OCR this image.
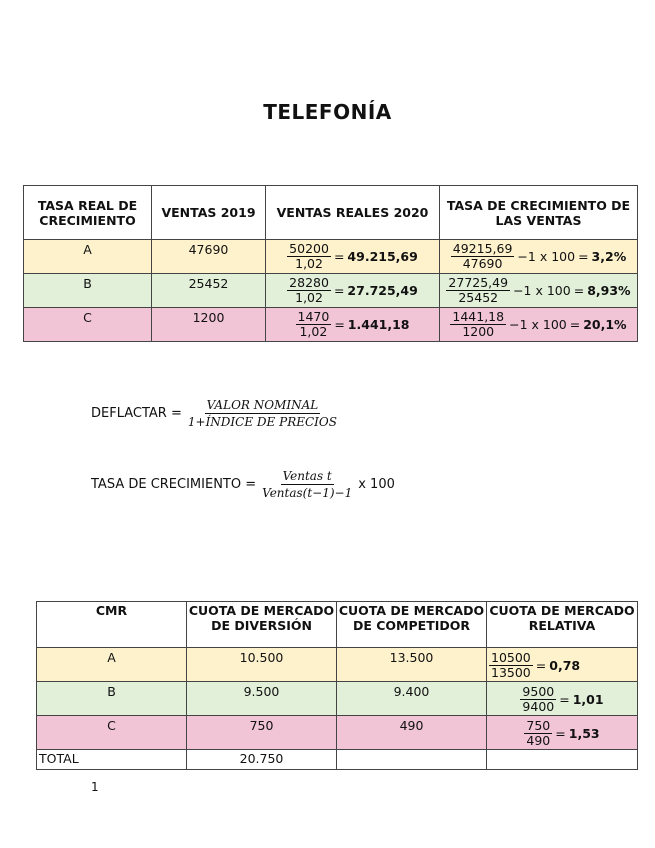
TELEFONÍA
TASA REAL DE CRECIMIENTO	VENTAS 2019	VENTAS REALES 2020	TASA DE CRECIMIENTO DE LAS VENTAS
A	47690	$\frac{50200}{1,02} = 49.215,69$	$\frac{49215,69}{47690} -1$ x 100 = 3,2%

B	25452	$\frac{28280}{1,02} = 27.725,49$	$\frac{27725,49}{25452} -1$ x 100 = 8,93%

C	1200	$\frac{1470}{1,02} = 1.441,18$	$\frac{1441,18}{1200} -1$ x 100 = 20,1%
DEFLACTAR = $\frac{\text{VALOR NOMINAL}}{\text{1+ÍNDICE DE PRECIOS}}$
TASA DE CRECIMIENTO = $\frac{\text{Ventas t}}{\text{Ventas(t−1)−1}}$ x 100
CMR	CUOTA DE MERCADO DE DIVERSIÓN	CUOTA DE MERCADO DE COMPETIDOR	CUOTA DE MERCADO RELATIVA
A	10.500	13.500	$\frac{10500}{13500} = 0,78$

B	9.500	9.400	$\frac{9500}{9400} = 1,01$

C	750	490	$\frac{750}{490} = 1,53$

TOTAL	20.750		
1
